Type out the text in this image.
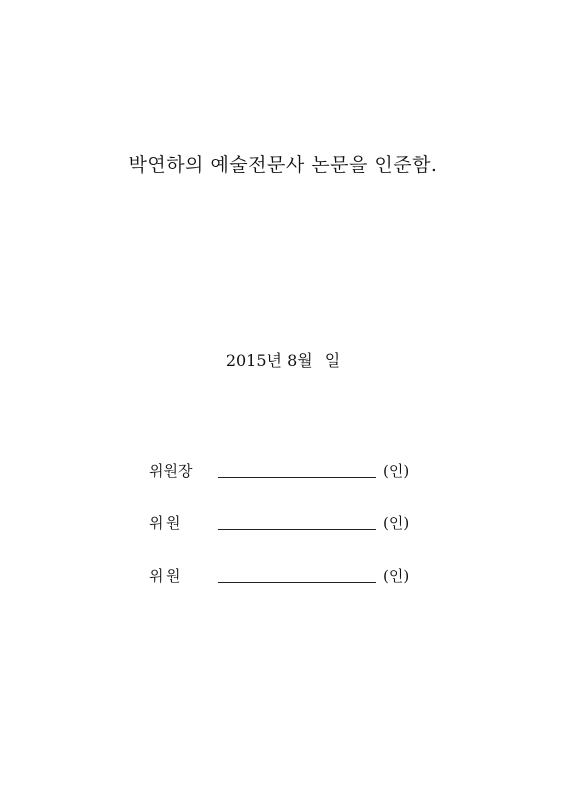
박연하의 예술전문사 논문을 인준함.
2015년 8월 일
위원장	(인)
위 원	(인)
위 원	(인)
